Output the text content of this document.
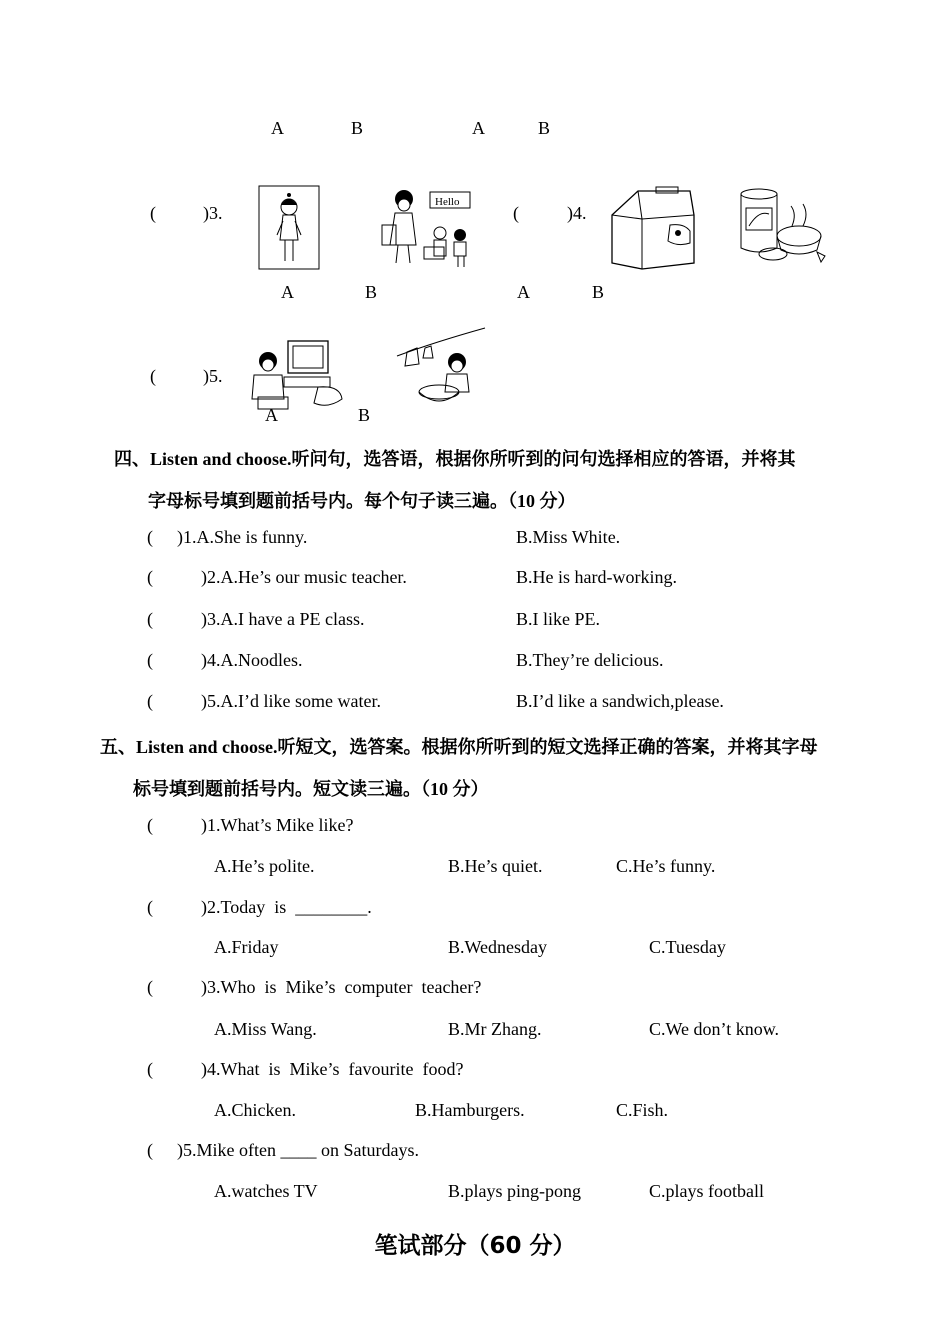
A	B	A	B
(	)3.
Hello
(	)4.
A	B	A	B
(	)5.
A	B
四、Listen and choose.听问句，选答语，根据你所听到的问句选择相应的答语，并将其
字母标号填到题前括号内。每个句子读三遍。（10 分）
( )1.A.She is funny.	B.Miss White.
(	)2.A.He’s our music teacher.	B.He is hard-working.
(	)3.A.I have a PE class.	B.I like PE.
(	)4.A.Noodles.	B.They’re delicious.
(	)5.A.I’d like some water.	B.I’d like a sandwich,please.
五、Listen and choose.听短文，选答案。根据你所听到的短文选择正确的答案，并将其字母
标号填到题前括号内。短文读三遍。（10 分）
(	)1.What’s Mike like?
A.He’s polite.	B.He’s quiet.	C.He’s funny.
(	)2.Today  is  ________.
A.Friday	B.Wednesday	C.Tuesday
(	)3.Who  is  Mike’s  computer  teacher?
A.Miss Wang.	B.Mr Zhang.	C.We don’t know.
(	)4.What  is  Mike’s  favourite  food?
A.Chicken.	B.Hamburgers.	C.Fish.
( )5.Mike often ____ on Saturdays.
A.watches TV	B.plays ping-pong	C.plays football
笔试部分（60 分）
